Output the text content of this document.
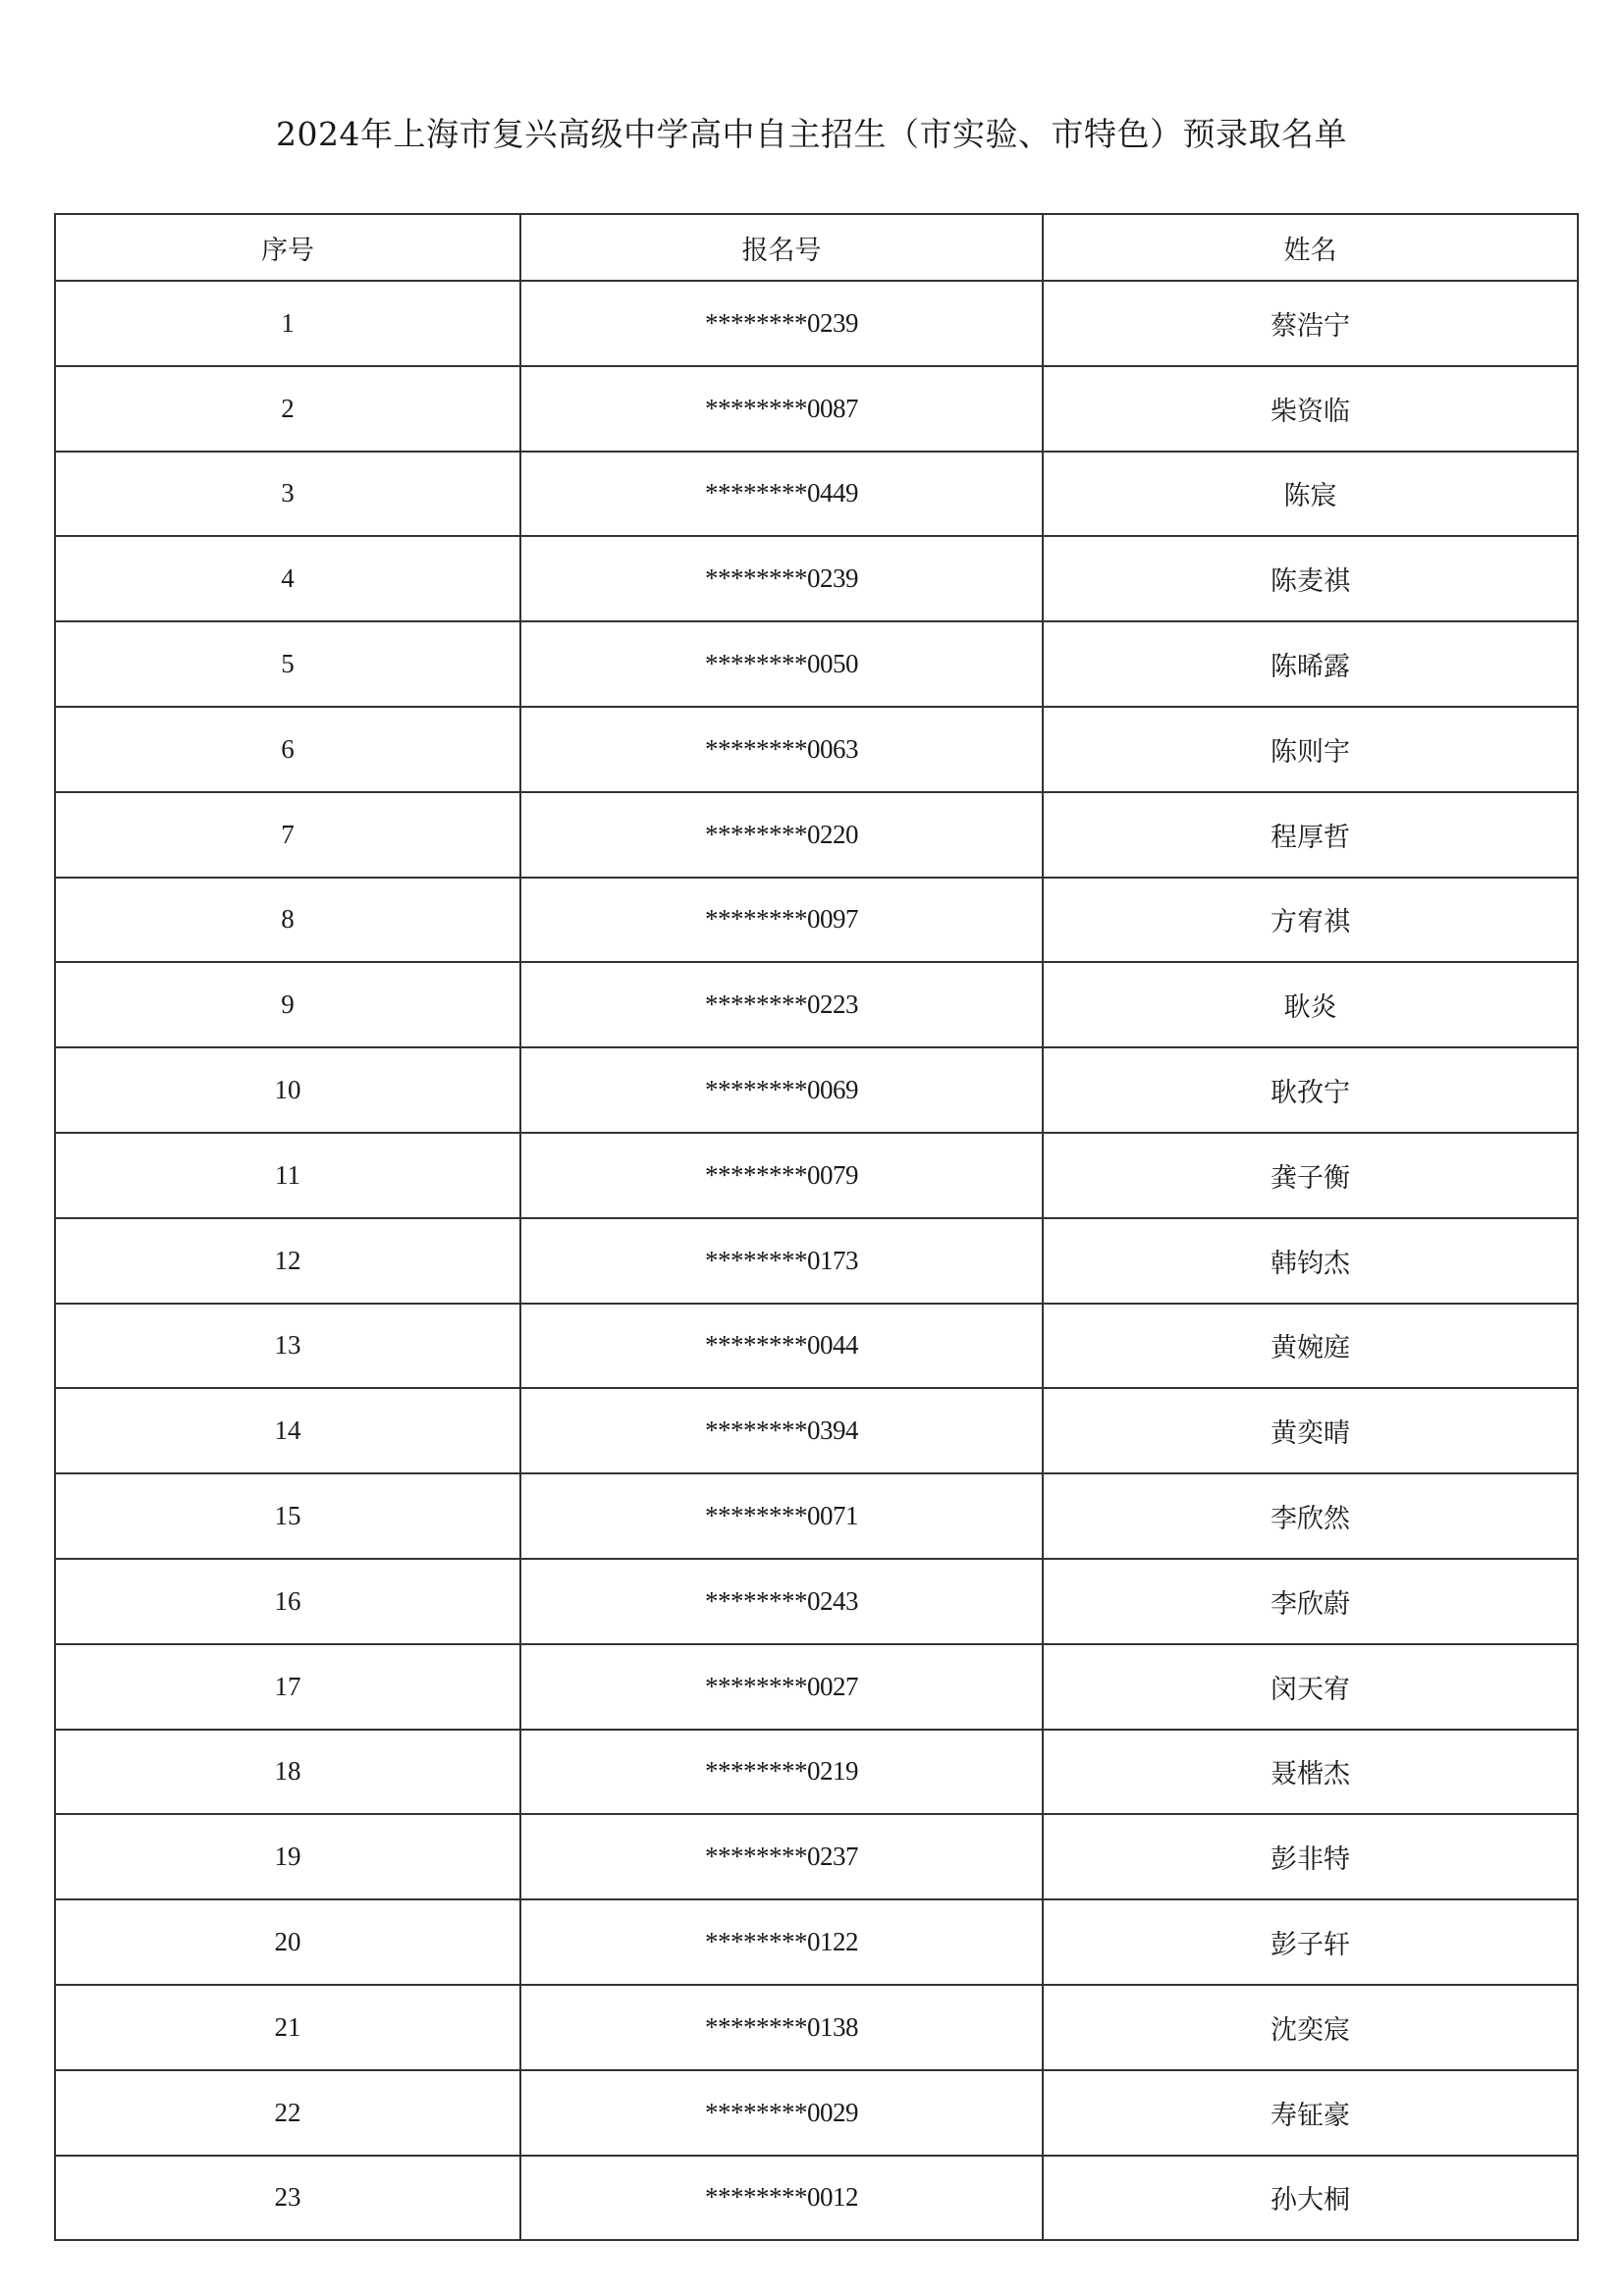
2024年上海市复兴高级中学高中自主招生（市实验、市特色）预录取名单
序号	报名号	姓名
1	********0239	蔡浩宁
2	********0087	柴资临
3	********0449	陈宸
4	********0239	陈麦祺
5	********0050	陈晞露
6	********0063	陈则宇
7	********0220	程厚哲
8	********0097	方宥祺
9	********0223	耿炎
10	********0069	耿孜宁
11	********0079	龚子衡
12	********0173	韩钧杰
13	********0044	黄婉庭
14	********0394	黄奕晴
15	********0071	李欣然
16	********0243	李欣蔚
17	********0027	闵天宥
18	********0219	聂楷杰
19	********0237	彭非特
20	********0122	彭子轩
21	********0138	沈奕宸
22	********0029	寿钲豪
23	********0012	孙大桐
